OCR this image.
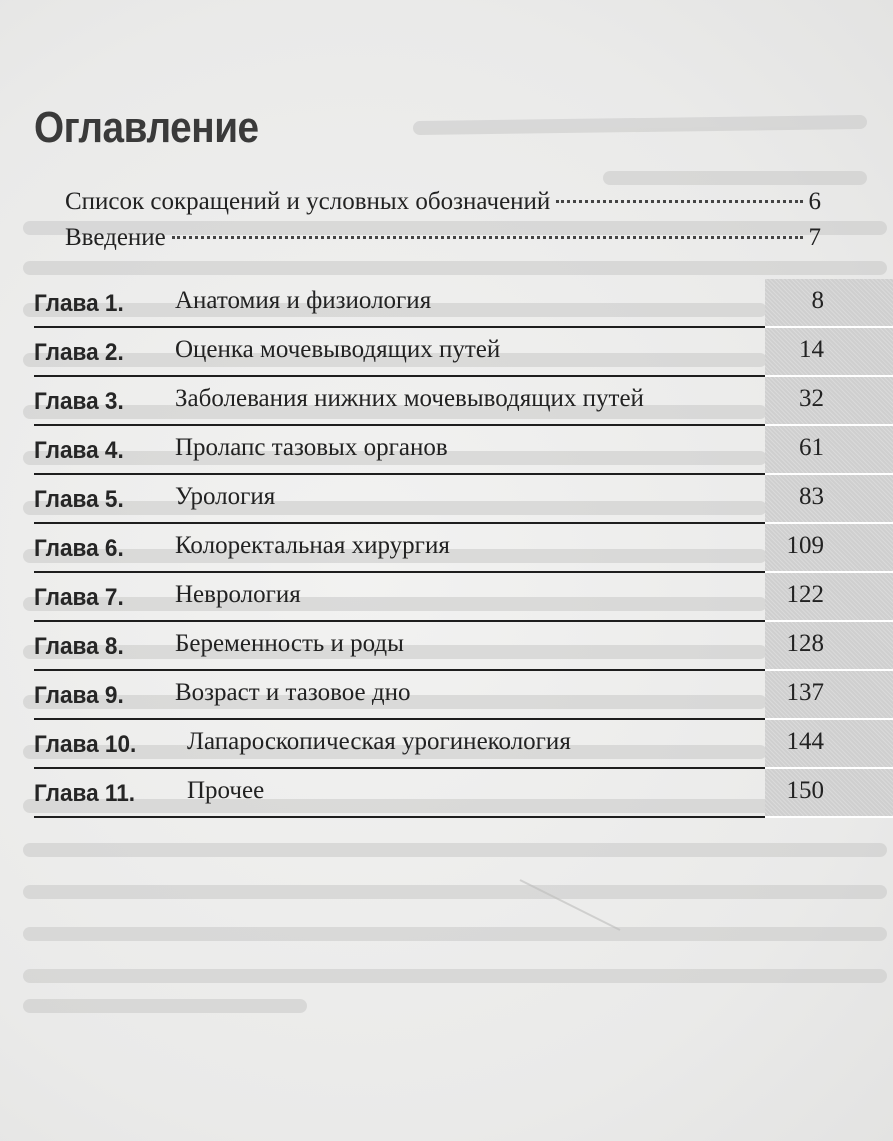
Оглавление
Список сокращений и условных обозначений	6
Введение	7
Глава 1. Анатомия и физиология	8
Глава 2. Оценка мочевыводящих путей	14
Глава 3. Заболевания нижних мочевыводящих путей	32
Глава 4. Пролапс тазовых органов	61
Глава 5. Урология	83
Глава 6. Колоректальная хирургия	109
Глава 7. Неврология	122
Глава 8. Беременность и роды	128
Глава 9. Возраст и тазовое дно	137
Глава 10. Лапароскопическая урогинекология	144
Глава 11. Прочее	150
